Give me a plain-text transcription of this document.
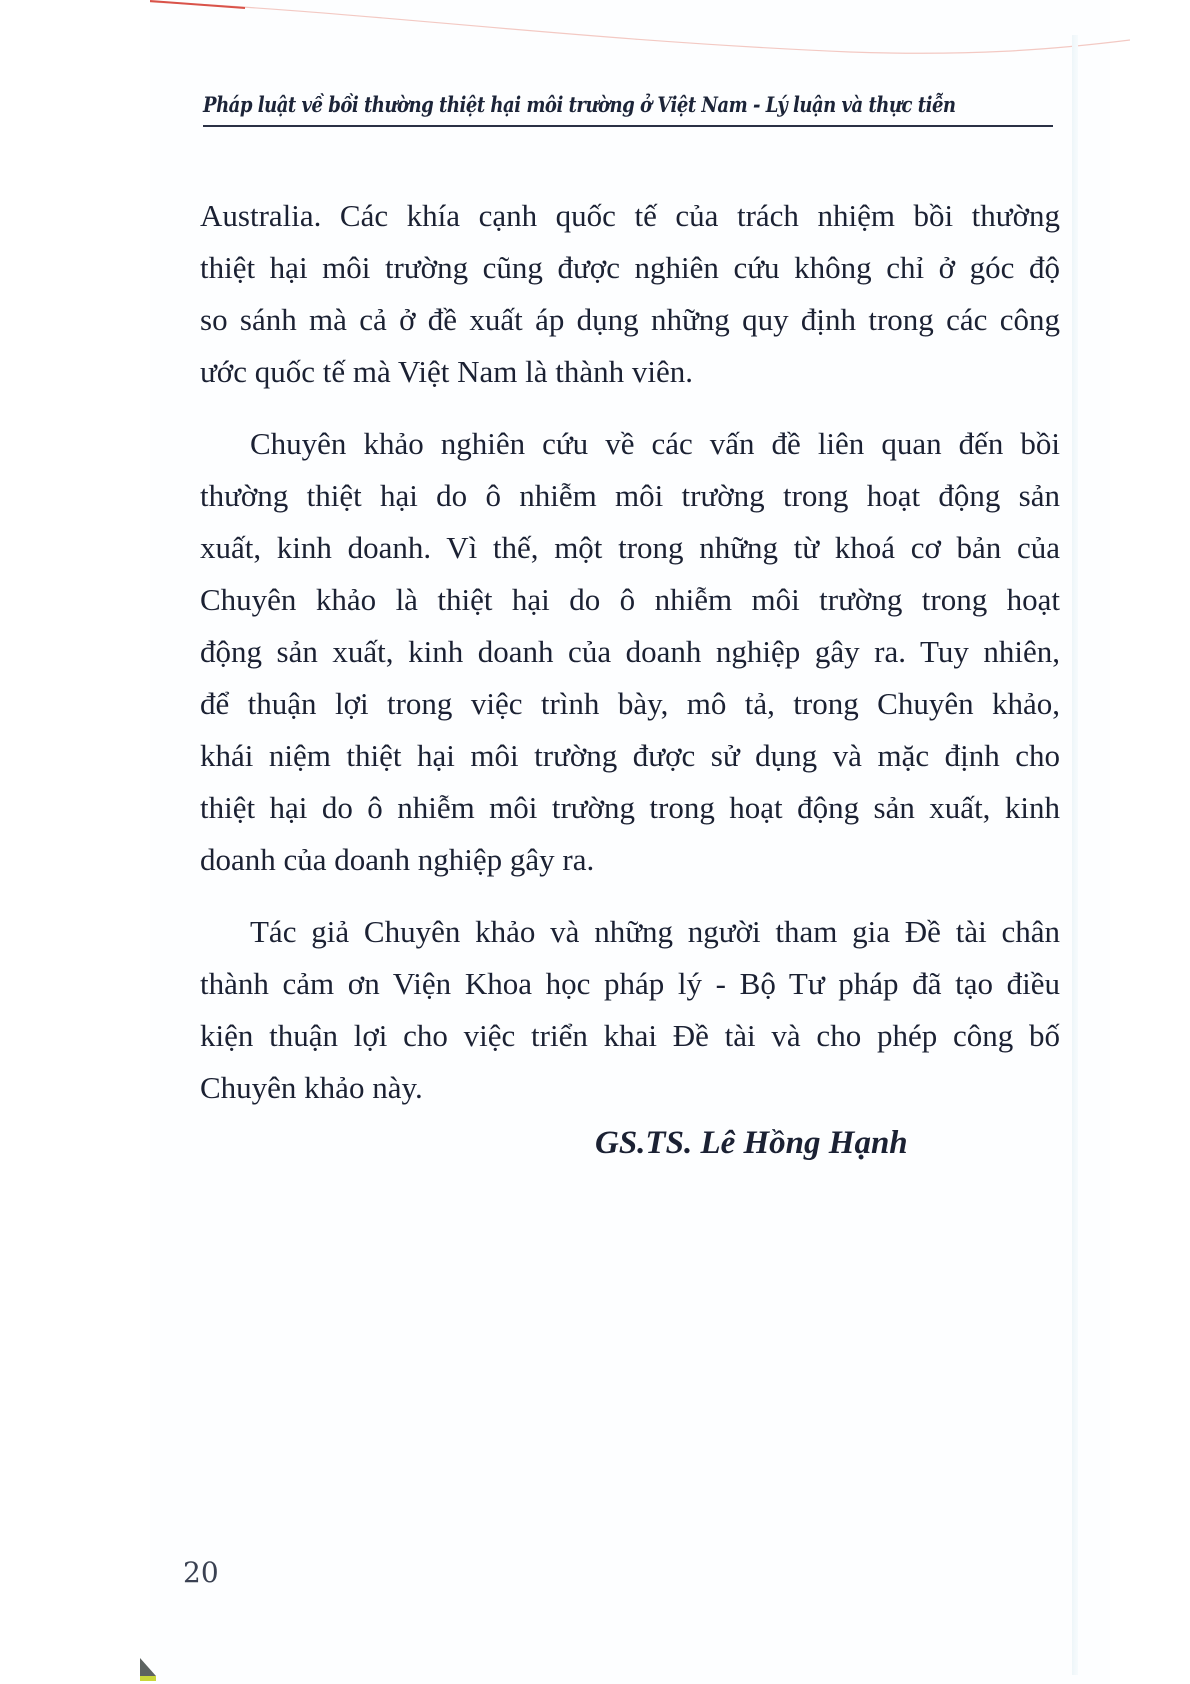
Pháp luật về bồi thường thiệt hại môi trường ở Việt Nam - Lý luận và thực tiễn
Australia. Các khía cạnh quốc tế của trách nhiệm bồi thường
thiệt hại môi trường cũng được nghiên cứu không chỉ ở góc độ
so sánh mà cả ở đề xuất áp dụng những quy định trong các công
ước quốc tế mà Việt Nam là thành viên.
Chuyên khảo nghiên cứu về các vấn đề liên quan đến bồi
thường thiệt hại do ô nhiễm môi trường trong hoạt động sản
xuất, kinh doanh. Vì thế, một trong những từ khoá cơ bản của
Chuyên khảo là thiệt hại do ô nhiễm môi trường trong hoạt
động sản xuất, kinh doanh của doanh nghiệp gây ra. Tuy nhiên,
để thuận lợi trong việc trình bày, mô tả, trong Chuyên khảo,
khái niệm thiệt hại môi trường được sử dụng và mặc định cho
thiệt hại do ô nhiễm môi trường trong hoạt động sản xuất, kinh
doanh của doanh nghiệp gây ra.
Tác giả Chuyên khảo và những người tham gia Đề tài chân
thành cảm ơn Viện Khoa học pháp lý - Bộ Tư pháp đã tạo điều
kiện thuận lợi cho việc triển khai Đề tài và cho phép công bố
Chuyên khảo này.
GS.TS. Lê Hồng Hạnh
20
